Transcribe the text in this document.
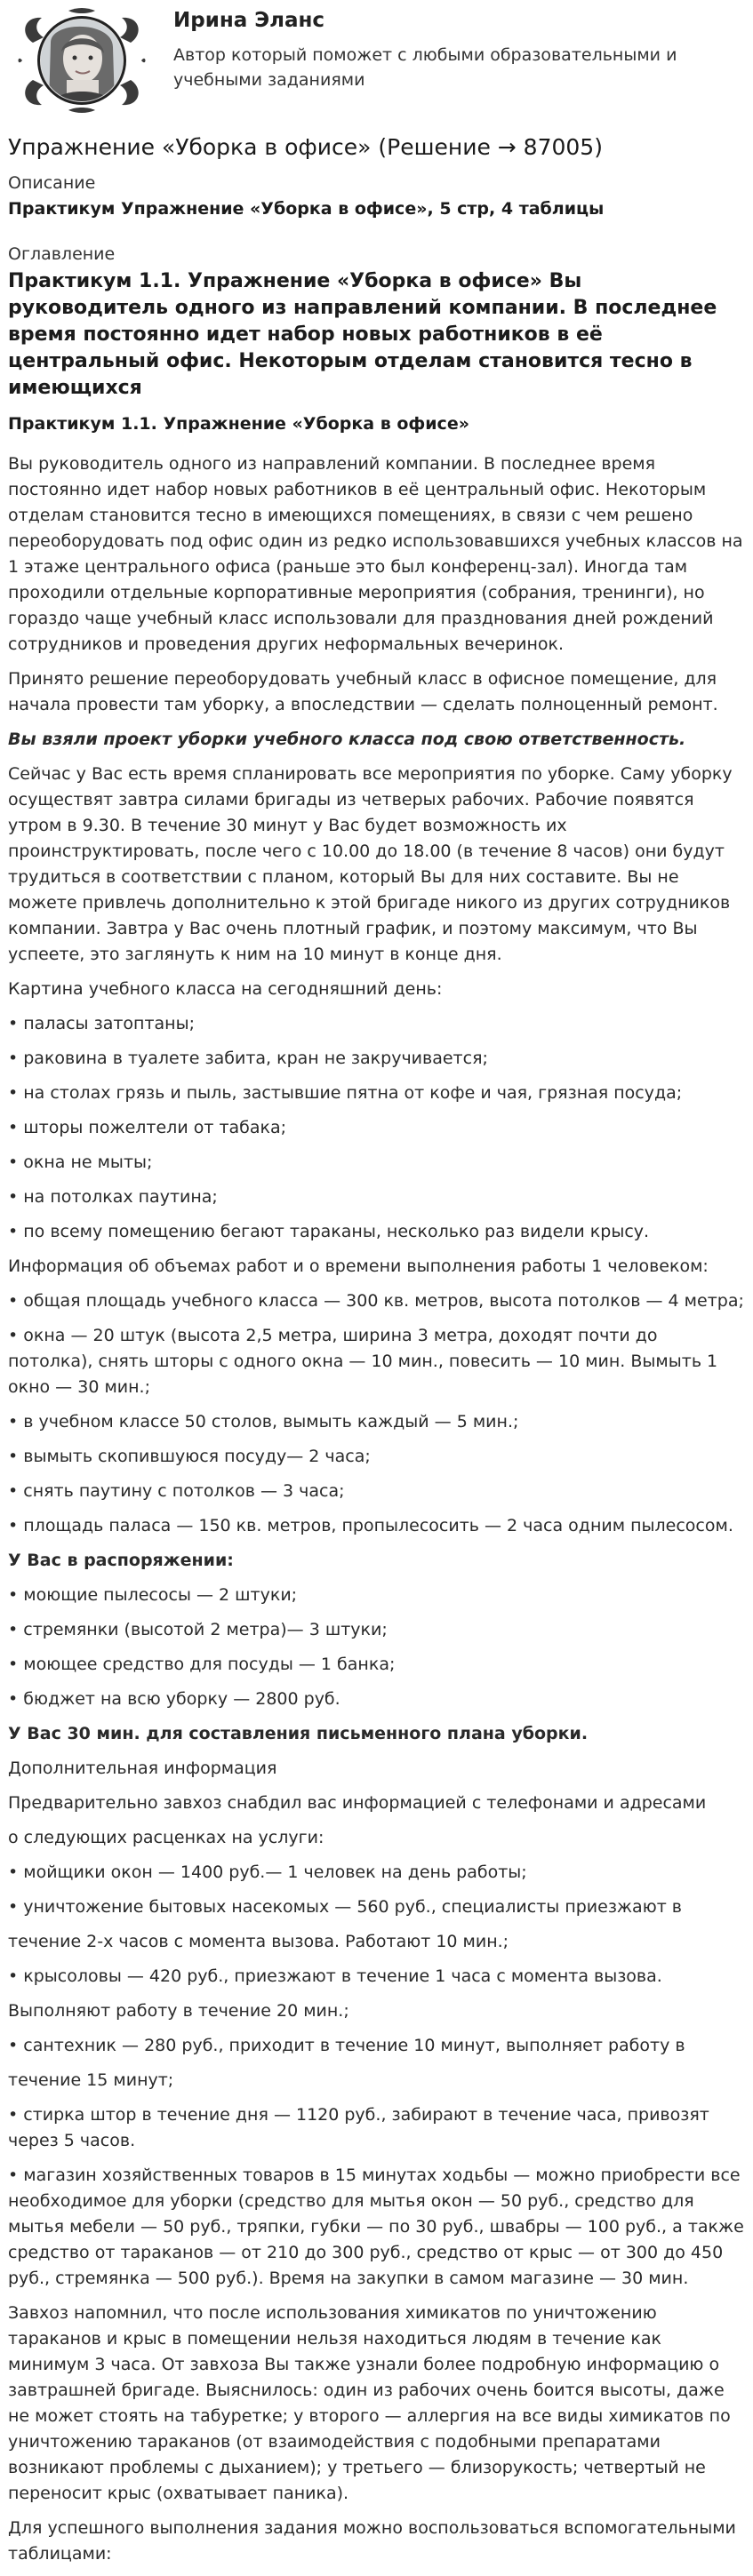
Ирина Эланс
Автор который поможет с любыми образовательными и учебными заданиями
Упражнение «Уборка в офисе» (Решение → 87005)
Описание
Практикум Упражнение «Уборка в офисе», 5 стр, 4 таблицы
Оглавление
Практикум 1.1. Упражнение «Уборка в офисе» Вы руководитель одного из направлений компании. В последнее время постоянно идет набор новых работников в её центральный офис. Некоторым отделам становится тесно в имеющихся
Практикум 1.1. Упражнение «Уборка в офисе»

Вы руководитель одного из направлений компании. В последнее время постоянно идет набор новых работников в её центральный офис. Некоторым отделам становится тесно в имеющихся помещениях, в связи с чем решено переоборудовать под офис один из редко использовавшихся учебных классов на 1 этаже центрального офиса (раньше это был конференц-зал). Иногда там проходили отдельные корпоративные мероприятия (собрания, тренинги), но гораздо чаще учебный класс использовали для празднования дней рождений сотрудников и проведения других неформальных вечеринок.

Принято решение переоборудовать учебный класс в офисное помещение, для начала провести там уборку, а впоследствии — сделать полноценный ремонт.

Вы взяли проект уборки учебного класса под свою ответственность.

Сейчас у Вас есть время спланировать все мероприятия по уборке. Саму уборку осуществят завтра силами бригады из четверых рабочих. Рабочие появятся утром в 9.30. В течение 30 минут у Вас будет возможность их проинструктировать, после чего с 10.00 до 18.00 (в течение 8 часов) они будут трудиться в соответствии с планом, который Вы для них составите. Вы не можете привлечь дополнительно к этой бригаде никого из других сотрудников компании. Завтра у Вас очень плотный график, и поэтому максимум, что Вы успеете, это заглянуть к ним на 10 минут в конце дня.

Картина учебного класса на сегодняшний день:

• паласы затоптаны;

• раковина в туалете забита, кран не закручивается;

• на столах грязь и пыль, застывшие пятна от кофе и чая, грязная посуда;

• шторы пожелтели от табака;

• окна не мыты;

• на потолках паутина;

• по всему помещению бегают тараканы, несколько раз видели крысу.

Информация об объемах работ и о времени выполнения работы 1 человеком:

• общая площадь учебного класса — 300 кв. метров, высота потолков — 4 метра;

• окна — 20 штук (высота 2,5 метра, ширина 3 метра, доходят почти до потолка), снять шторы с одного окна — 10 мин., повесить — 10 мин. Вымыть 1 окно — 30 мин.;

• в учебном классе 50 столов, вымыть каждый — 5 мин.;

• вымыть скопившуюся посуду— 2 часа;

• снять паутину с потолков — 3 часа;

• площадь паласа — 150 кв. метров, пропылесосить — 2 часа одним пылесосом.

У Вас в распоряжении:

• моющие пылесосы — 2 штуки;

• стремянки (высотой 2 метра)— 3 штуки;

• моющее средство для посуды — 1 банка;

• бюджет на всю уборку — 2800 руб.

У Вас 30 мин. для составления письменного плана уборки.

Дополнительная информация

Предварительно завхоз снабдил вас информацией с телефонами и адресами

о следующих расценках на услуги:

• мойщики окон — 1400 руб.— 1 человек на день работы;

• уничтожение бытовых насекомых — 560 руб., специалисты приезжают в

течение 2-х часов с момента вызова. Работают 10 мин.;

• крысоловы — 420 руб., приезжают в течение 1 часа с момента вызова.

Выполняют работу в течение 20 мин.;

• сантехник — 280 руб., приходит в течение 10 минут, выполняет работу в

течение 15 минут;

• стирка штор в течение дня — 1120 руб., забирают в течение часа, привозят через 5 часов.

• магазин хозяйственных товаров в 15 минутах ходьбы — можно приобрести все необходимое для уборки (средство для мытья окон — 50 руб., средство для мытья мебели — 50 руб., тряпки, губки — по 30 руб., швабры — 100 руб., а также средство от тараканов — от 210 до 300 руб., средство от крыс — от 300 до 450 руб., стремянка — 500 руб.). Время на закупки в самом магазине — 30 мин.

Завхоз напомнил, что после использования химикатов по уничтожению тараканов и крыс в помещении нельзя находиться людям в течение как минимум 3 часа. От завхоза Вы также узнали более подробную информацию о завтрашней бригаде. Выяснилось: один из рабочих очень боится высоты, даже не может стоять на табуретке; у второго — аллергия на все виды химикатов по уничтожению тараканов (от взаимодействия с подобными препаратами возникают проблемы с дыханием); у третьего — близорукость; четвертый не переносит крыс (охватывает паника).

Для успешного выполнения задания можно воспользоваться вспомогательными таблицами:
